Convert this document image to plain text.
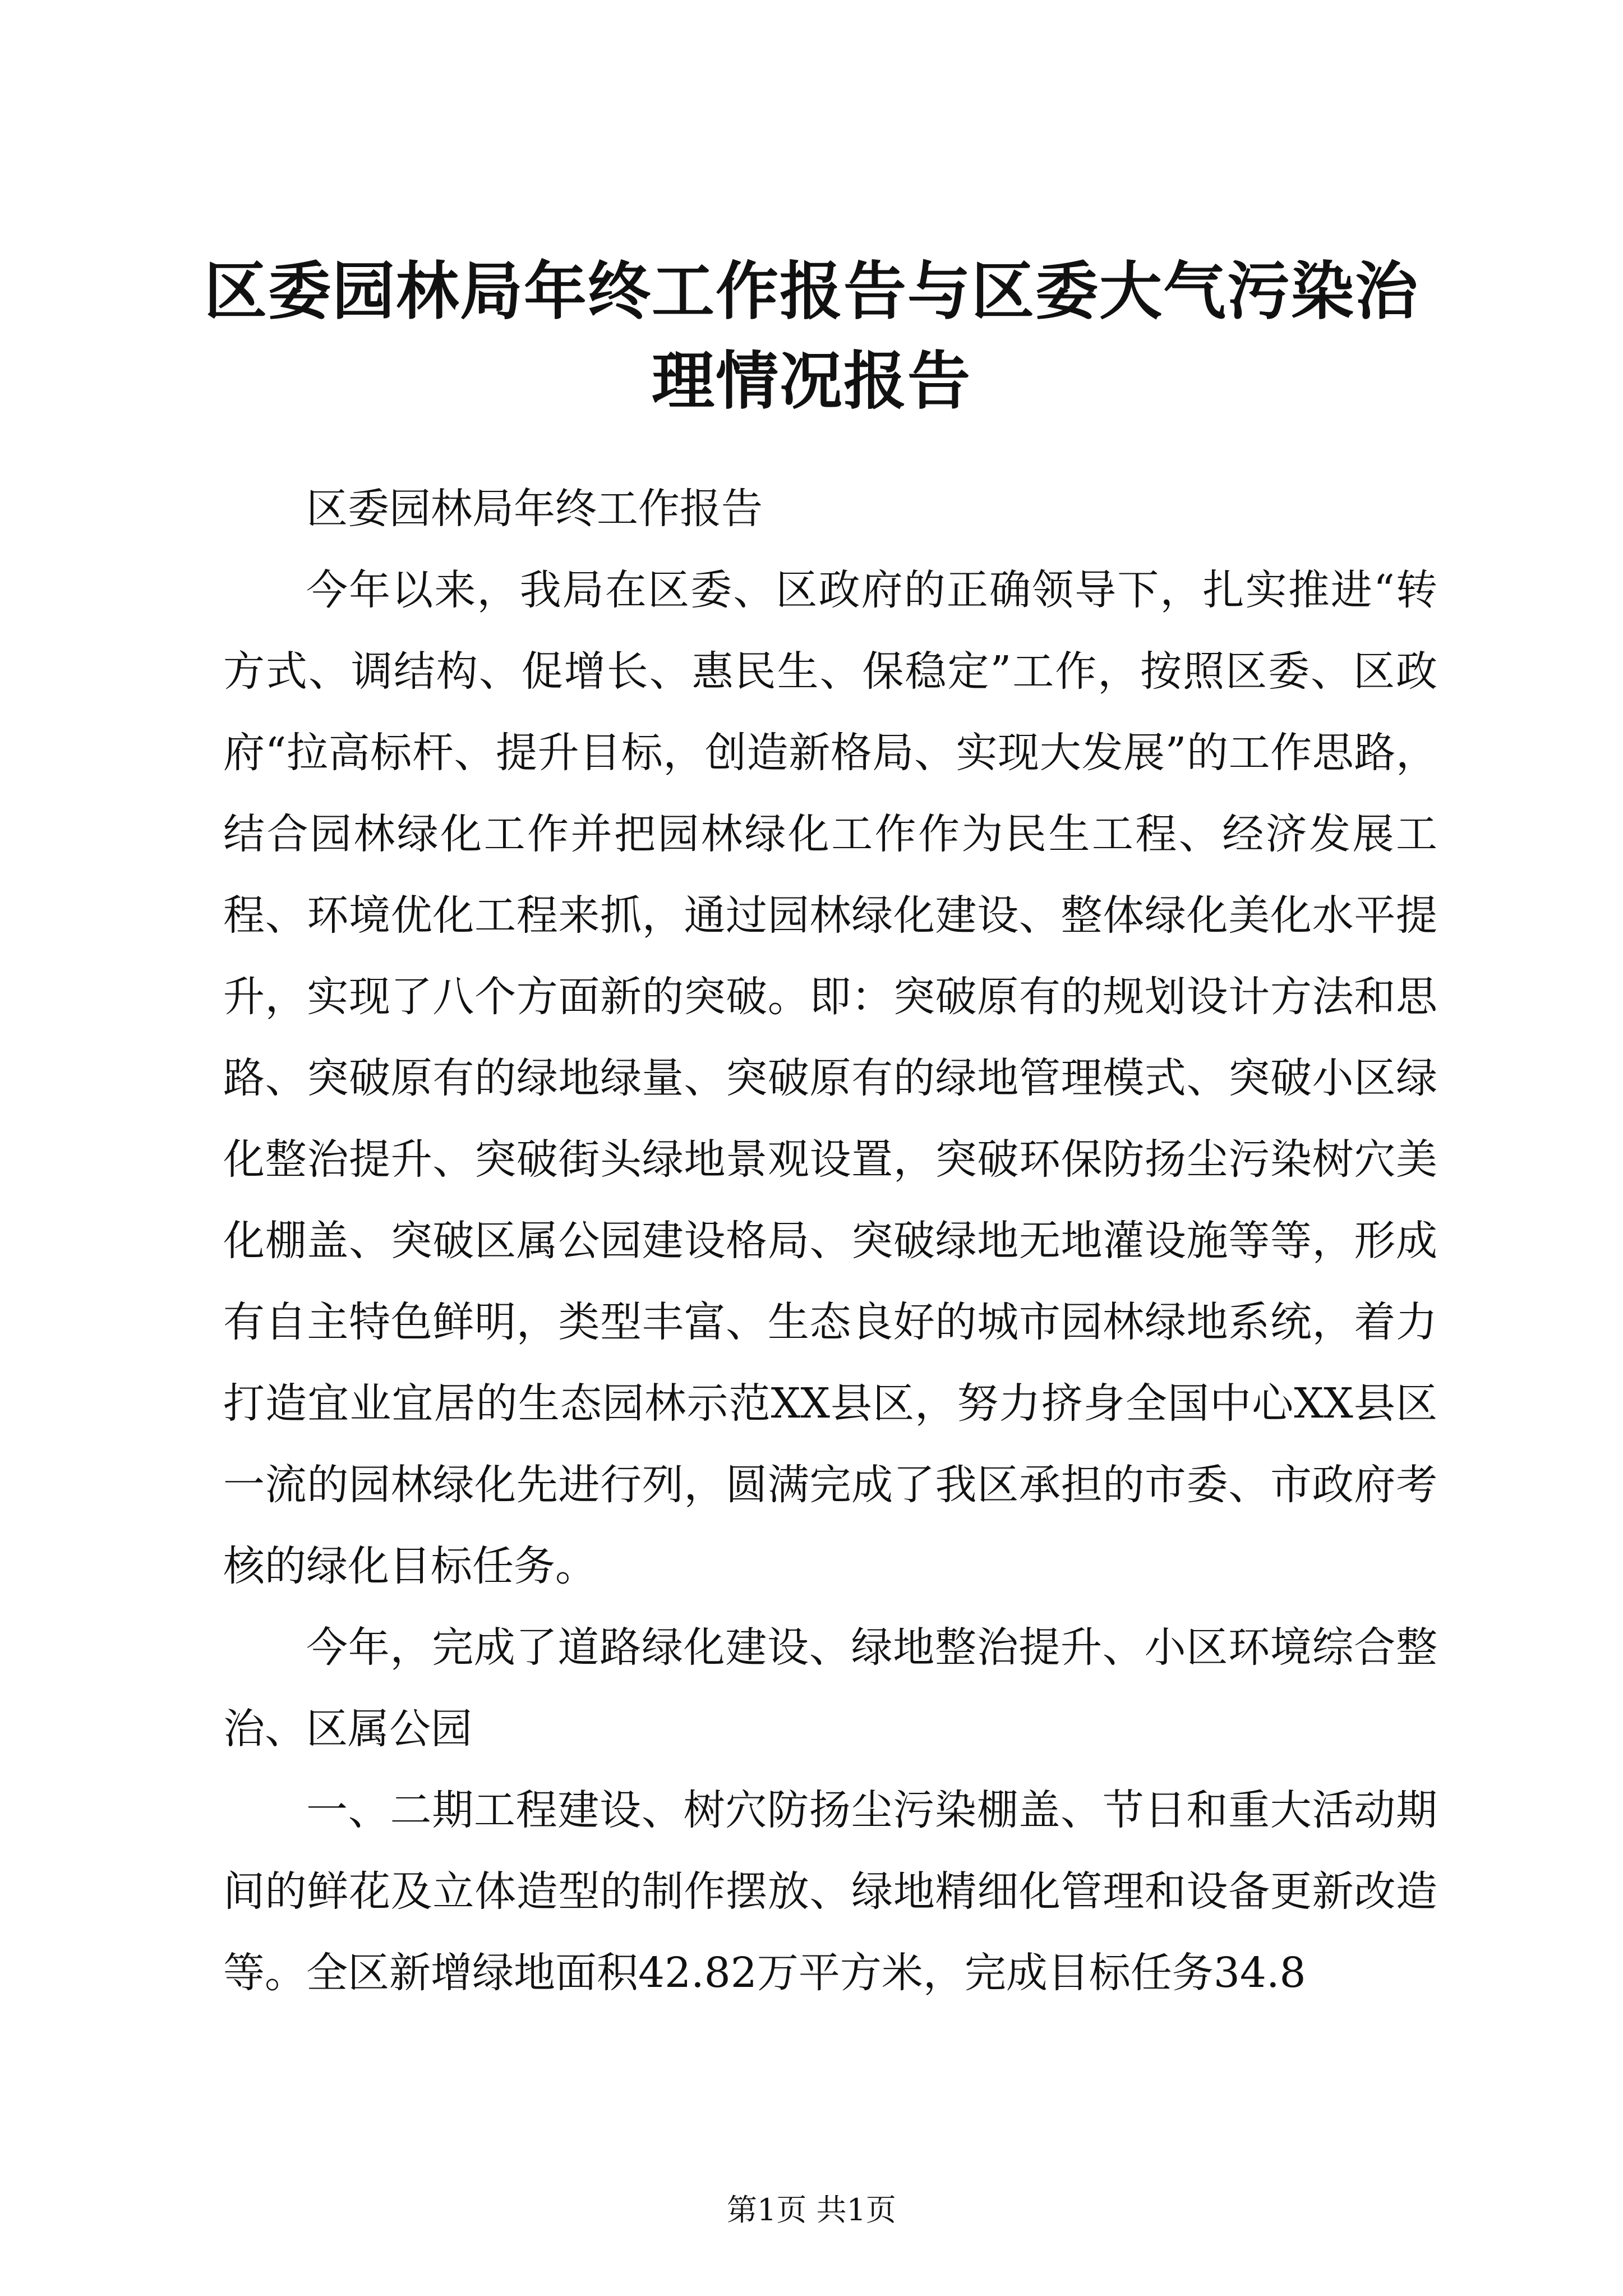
区委园林局年终工作报告与区委大气污染治理情况报告

区委园林局年终工作报告

今年以来，我局在区委、区政府的正确领导下，扎实推进“转方式、调结构、促增长、惠民生、保稳定”工作，按照区委、区政府“拉高标杆、提升目标，创造新格局、实现大发展”的工作思路，结合园林绿化工作并把园林绿化工作作为民生工程、经济发展工程、环境优化工程来抓，通过园林绿化建设、整体绿化美化水平提升，实现了八个方面新的突破。即：突破原有的规划设计方法和思路、突破原有的绿地绿量、突破原有的绿地管理模式、突破小区绿化整治提升、突破街头绿地景观设置，突破环保防扬尘污染树穴美化棚盖、突破区属公园建设格局、突破绿地无地灌设施等等，形成有自主特色鲜明，类型丰富、生态良好的城市园林绿地系统，着力打造宜业宜居的生态园林示范XX县区，努力挤身全国中心XX县区一流的园林绿化先进行列，圆满完成了我区承担的市委、市政府考核的绿化目标任务。

今年，完成了道路绿化建设、绿地整治提升、小区环境综合整治、区属公园

一、二期工程建设、树穴防扬尘污染棚盖、节日和重大活动期间的鲜花及立体造型的制作摆放、绿地精细化管理和设备更新改造等。全区新增绿地面积42.82万平方米，完成目标任务34.8

第1页 共1页
